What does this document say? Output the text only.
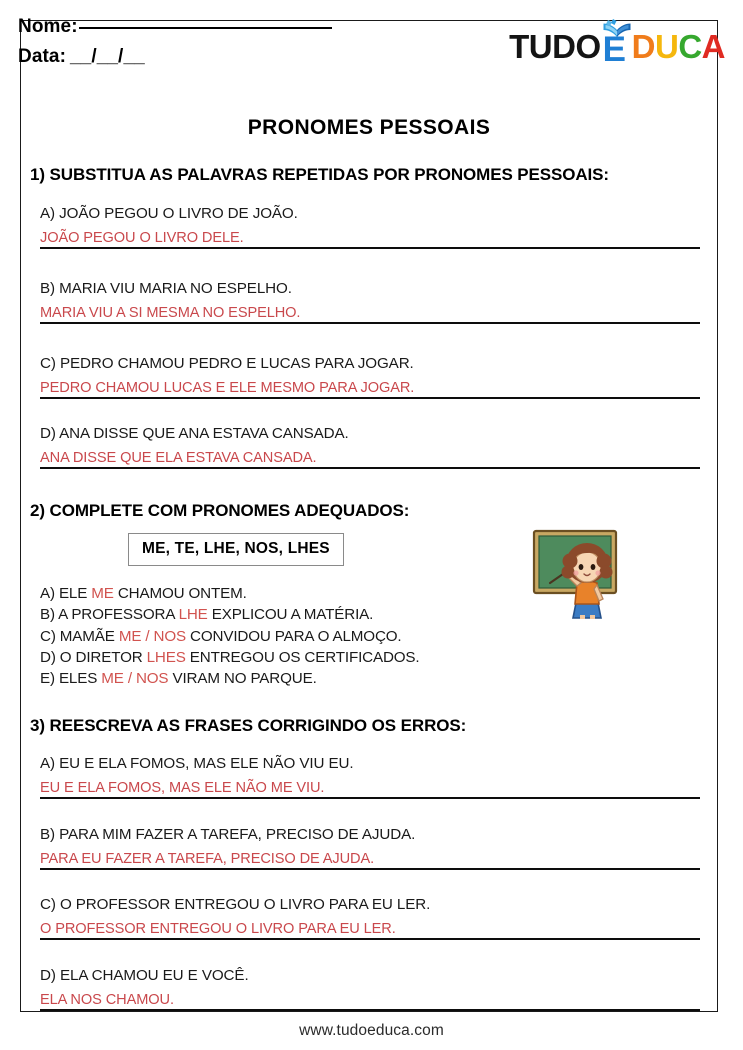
Nome:
Data: __/__/__	TUDO E D U C A
PRONOMES PESSOAIS
1) SUBSTITUA AS PALAVRAS REPETIDAS POR PRONOMES PESSOAIS:
A) JOÃO PEGOU O LIVRO DE JOÃO.
JOÃO PEGOU O LIVRO DELE.
B) MARIA VIU MARIA NO ESPELHO.
MARIA VIU A SI MESMA NO ESPELHO.
C) PEDRO CHAMOU PEDRO E LUCAS PARA JOGAR.
PEDRO CHAMOU LUCAS E ELE MESMO PARA JOGAR.
D) ANA DISSE QUE ANA ESTAVA CANSADA.
ANA DISSE QUE ELA ESTAVA CANSADA.
2) COMPLETE COM PRONOMES ADEQUADOS:
ME, TE, LHE, NOS, LHES
A) ELE ME CHAMOU ONTEM.
B) A PROFESSORA LHE EXPLICOU A MATÉRIA.
C) MAMÃE ME / NOS CONVIDOU PARA O ALMOÇO.
D) O DIRETOR LHES ENTREGOU OS CERTIFICADOS.
E) ELES ME / NOS VIRAM NO PARQUE.
3) REESCREVA AS FRASES CORRIGINDO OS ERROS:
A) EU E ELA FOMOS, MAS ELE NÃO VIU EU.
EU E ELA FOMOS, MAS ELE NÃO ME VIU.
B) PARA MIM FAZER A TAREFA, PRECISO DE AJUDA.
PARA EU FAZER A TAREFA, PRECISO DE AJUDA.
C) O PROFESSOR ENTREGOU O LIVRO PARA EU LER.
O PROFESSOR ENTREGOU O LIVRO PARA EU LER.
D) ELA CHAMOU EU E VOCÊ.
ELA NOS CHAMOU.
www.tudoeduca.com
